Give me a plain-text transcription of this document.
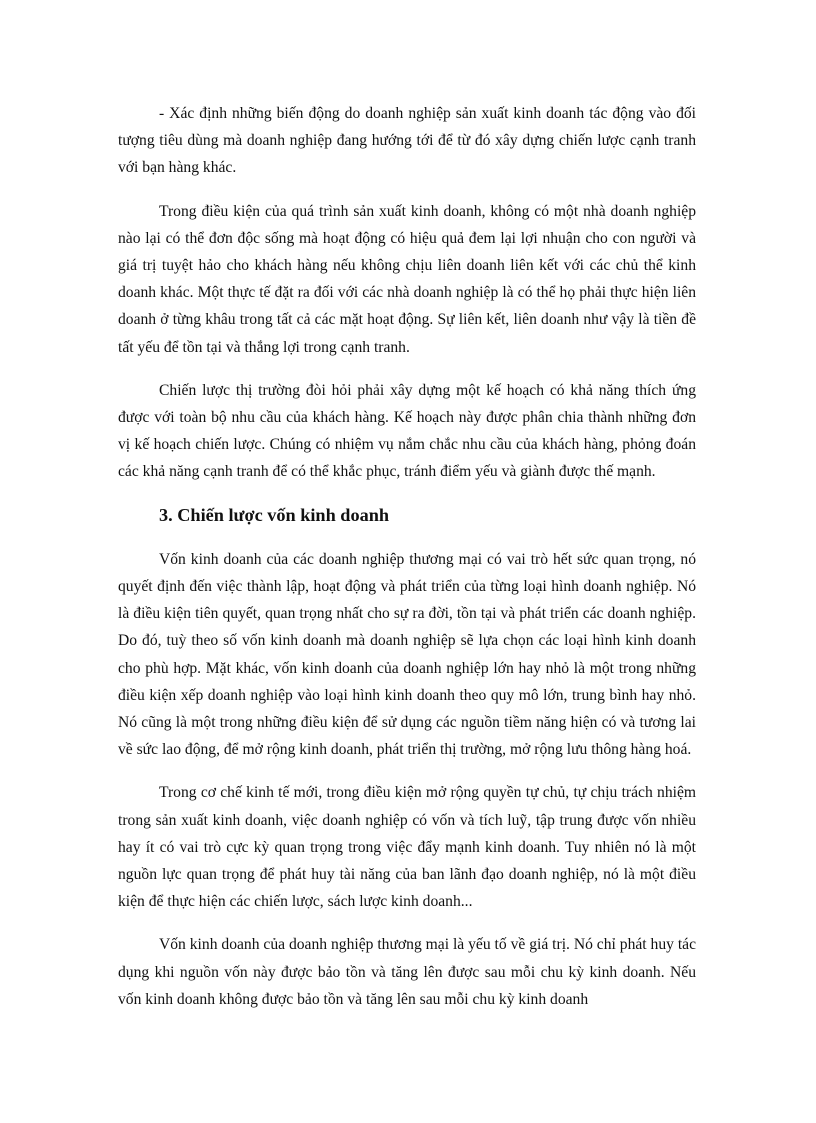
- Xác định những biến động do doanh nghiệp sản xuất kinh doanh tác động vào đối tượng tiêu dùng mà doanh nghiệp đang hướng tới để từ đó xây dựng chiến lược cạnh tranh với bạn hàng khác.

Trong điều kiện của quá trình sản xuất kinh doanh, không có một nhà doanh nghiệp nào lại có thể đơn độc sống mà hoạt động có hiệu quả đem lại lợi nhuận cho con người và giá trị tuyệt hảo cho khách hàng nếu không chịu liên doanh liên kết với các chủ thể kinh doanh khác. Một thực tế đặt ra đối với các nhà doanh nghiệp là có thể họ phải thực hiện liên doanh ở từng khâu trong tất cả các mặt hoạt động. Sự liên kết, liên doanh như vậy là tiền đề tất yếu để tồn tại và thắng lợi trong cạnh tranh.

Chiến lược thị trường đòi hỏi phải xây dựng một kế hoạch có khả năng thích ứng được với toàn bộ nhu cầu của khách hàng. Kế hoạch này được phân chia thành những đơn vị kế hoạch chiến lược. Chúng có nhiệm vụ nắm chắc nhu cầu của khách hàng, phỏng đoán các khả năng cạnh tranh để có thể khắc phục, tránh điểm yếu và giành được thế mạnh.

3. Chiến lược vốn kinh doanh

Vốn kinh doanh của các doanh nghiệp thương mại có vai trò hết sức quan trọng, nó quyết định đến việc thành lập, hoạt động và phát triển của từng loại hình doanh nghiệp. Nó là điều kiện tiên quyết, quan trọng nhất cho sự ra đời, tồn tại và phát triển các doanh nghiệp. Do đó, tuỳ theo số vốn kinh doanh mà doanh nghiệp sẽ lựa chọn các loại hình kinh doanh cho phù hợp. Mặt khác, vốn kinh doanh của doanh nghiệp lớn hay nhỏ là một trong những điều kiện xếp doanh nghiệp vào loại hình kinh doanh theo quy mô lớn, trung bình hay nhỏ. Nó cũng là một trong những điều kiện để sử dụng các nguồn tiềm năng hiện có và tương lai về sức lao động, để mở rộng kinh doanh, phát triển thị trường, mở rộng lưu thông hàng hoá.

Trong cơ chế kinh tế mới, trong điều kiện mở rộng quyền tự chủ, tự chịu trách nhiệm trong sản xuất kinh doanh, việc doanh nghiệp có vốn và tích luỹ, tập trung được vốn nhiều hay ít có vai trò cực kỳ quan trọng trong việc đẩy mạnh kinh doanh. Tuy nhiên nó là một nguồn lực quan trọng để phát huy tài năng của ban lãnh đạo doanh nghiệp, nó là một điều kiện để thực hiện các chiến lược, sách lược kinh doanh...

Vốn kinh doanh của doanh nghiệp thương mại là yếu tố về giá trị. Nó chỉ phát huy tác dụng khi nguồn vốn này được bảo tồn và tăng lên được sau mỗi chu kỳ kinh doanh. Nếu vốn kinh doanh không được bảo tồn và tăng lên sau mỗi chu kỳ kinh doanh
